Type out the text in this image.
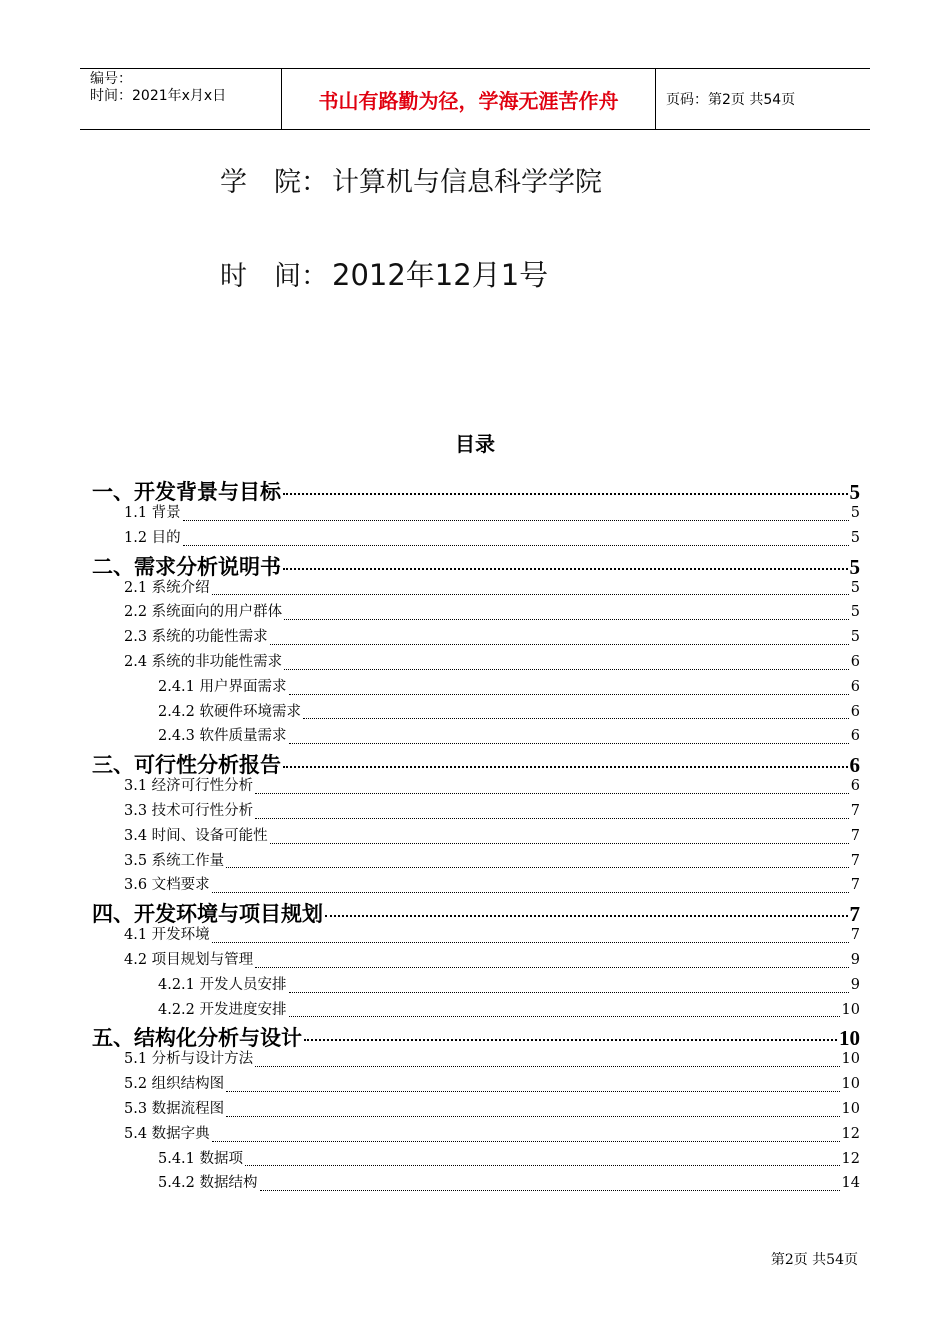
编号：
时间：2021年x月x日	书山有路勤为径，学海无涯苦作舟	页码：第2页 共54页
学　院： 计算机与信息科学学院
时　间： 2012年12月1号
目录
一、开发背景与目标	5
1.1 背景	5
1.2 目的	5
二、需求分析说明书	5
2.1 系统介绍	5
2.2 系统面向的用户群体	5
2.3 系统的功能性需求	5
2.4 系统的非功能性需求	6
2.4.1 用户界面需求	6
2.4.2 软硬件环境需求	6
2.4.3 软件质量需求	6
三、可行性分析报告	6
3.1 经济可行性分析	6
3.3 技术可行性分析	7
3.4 时间、设备可能性	7
3.5 系统工作量	7
3.6 文档要求	7
四、开发环境与项目规划	7
4.1 开发环境	7
4.2 项目规划与管理	9
4.2.1 开发人员安排	9
4.2.2 开发进度安排	10
五、结构化分析与设计	10
5.1 分析与设计方法	10
5.2 组织结构图	10
5.3 数据流程图	10
5.4 数据字典	12
5.4.1 数据项	12
5.4.2 数据结构	14
第2页 共54页
